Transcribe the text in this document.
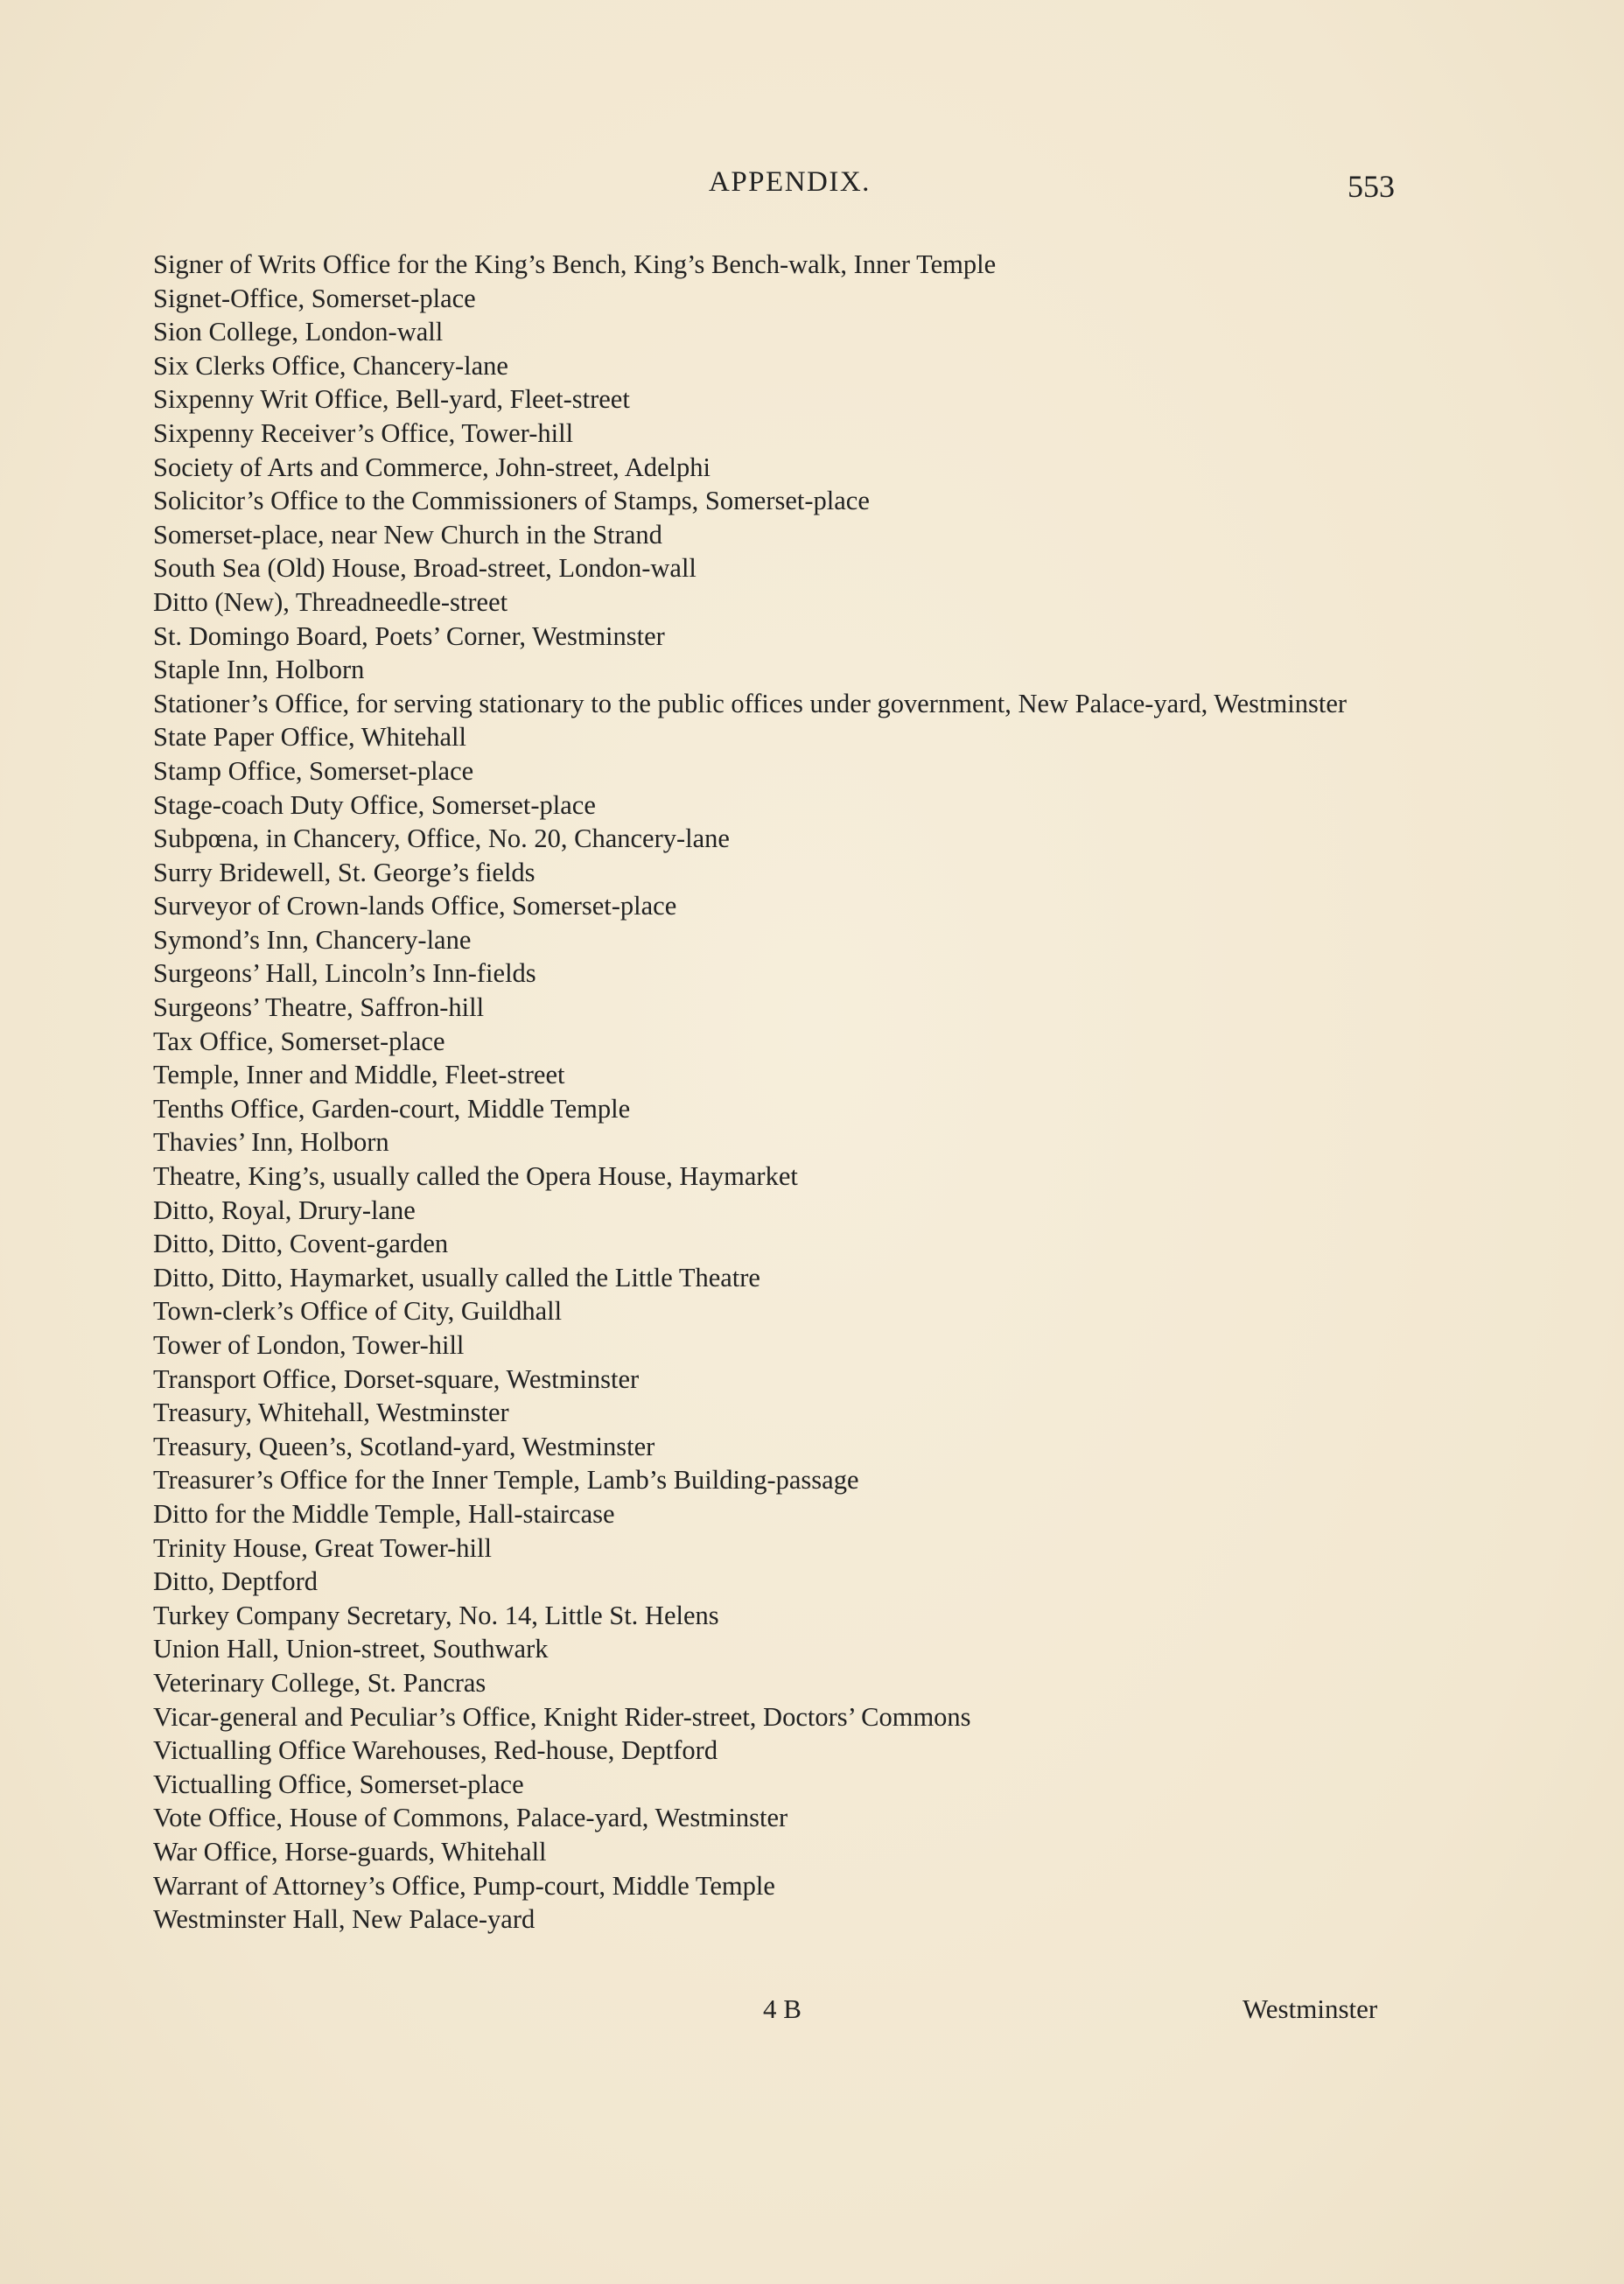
APPENDIX.	553
Signer of Writs Office for the King’s Bench, King’s Bench-walk, Inner Temple
Signet-Office, Somerset-place
Sion College, London-wall
Six Clerks Office, Chancery-lane
Sixpenny Writ Office, Bell-yard, Fleet-street
Sixpenny Receiver’s Office, Tower-hill
Society of Arts and Commerce, John-street, Adelphi
Solicitor’s Office to the Commissioners of Stamps, Somerset-place
Somerset-place, near New Church in the Strand
South Sea (Old) House, Broad-street, London-wall
Ditto (New), Threadneedle-street
St. Domingo Board, Poets’ Corner, Westminster
Staple Inn, Holborn
Stationer’s Office, for serving stationary to the public offices under government, New Palace-yard, Westminster
State Paper Office, Whitehall
Stamp Office, Somerset-place
Stage-coach Duty Office, Somerset-place
Subpœna, in Chancery, Office, No. 20, Chancery-lane
Surry Bridewell, St. George’s fields
Surveyor of Crown-lands Office, Somerset-place
Symond’s Inn, Chancery-lane
Surgeons’ Hall, Lincoln’s Inn-fields
Surgeons’ Theatre, Saffron-hill
Tax Office, Somerset-place
Temple, Inner and Middle, Fleet-street
Tenths Office, Garden-court, Middle Temple
Thavies’ Inn, Holborn
Theatre, King’s, usually called the Opera House, Haymarket
Ditto, Royal, Drury-lane
Ditto, Ditto, Covent-garden
Ditto, Ditto, Haymarket, usually called the Little Theatre
Town-clerk’s Office of City, Guildhall
Tower of London, Tower-hill
Transport Office, Dorset-square, Westminster
Treasury, Whitehall, Westminster
Treasury, Queen’s, Scotland-yard, Westminster
Treasurer’s Office for the Inner Temple, Lamb’s Building-passage
Ditto for the Middle Temple, Hall-staircase
Trinity House, Great Tower-hill
Ditto, Deptford
Turkey Company Secretary, No. 14, Little St. Helens
Union Hall, Union-street, Southwark
Veterinary College, St. Pancras
Vicar-general and Peculiar’s Office, Knight Rider-street, Doctors’ Commons
Victualling Office Warehouses, Red-house, Deptford
Victualling Office, Somerset-place
Vote Office, House of Commons, Palace-yard, Westminster
War Office, Horse-guards, Whitehall
Warrant of Attorney’s Office, Pump-court, Middle Temple
Westminster Hall, New Palace-yard
4 B	Westminster
